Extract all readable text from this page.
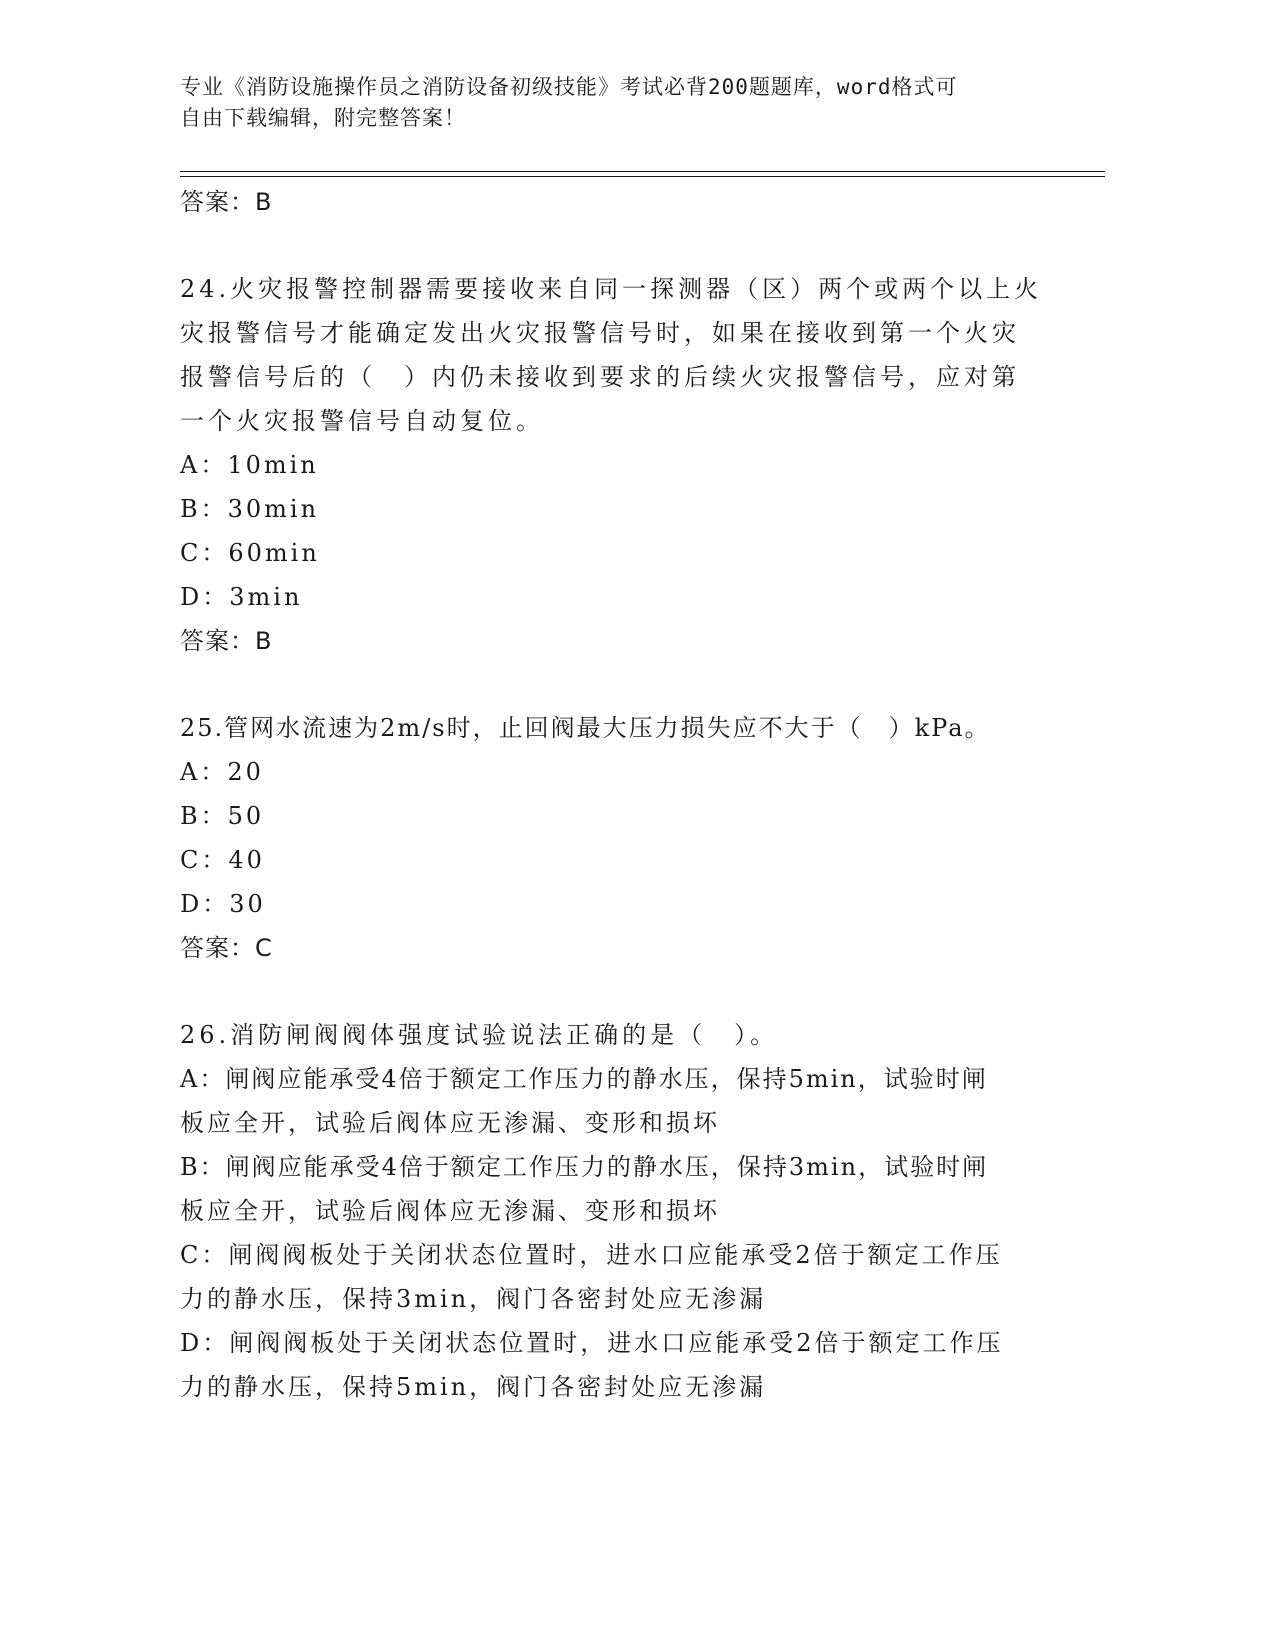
专业《消防设施操作员之消防设备初级技能》考试必背200题题库，word格式可
自由下载编辑，附完整答案！
答案：B
24.火灾报警控制器需要接收来自同一探测器（区）两个或两个以上火
灾报警信号才能确定发出火灾报警信号时，如果在接收到第一个火灾
报警信号后的（　）内仍未接收到要求的后续火灾报警信号，应对第
一个火灾报警信号自动复位。
A：10min
B：30min
C：60min
D：3min
答案：B
25.管网水流速为2m/s时，止回阀最大压力损失应不大于（　）kPa。
A：20
B：50
C：40
D：30
答案：C
26.消防闸阀阀体强度试验说法正确的是（　）。
A：闸阀应能承受4倍于额定工作压力的静水压，保持5min，试验时闸
板应全开，试验后阀体应无渗漏、变形和损坏
B：闸阀应能承受4倍于额定工作压力的静水压，保持3min，试验时闸
板应全开，试验后阀体应无渗漏、变形和损坏
C：闸阀阀板处于关闭状态位置时，进水口应能承受2倍于额定工作压
力的静水压，保持3min，阀门各密封处应无渗漏
D：闸阀阀板处于关闭状态位置时，进水口应能承受2倍于额定工作压
力的静水压，保持5min，阀门各密封处应无渗漏
